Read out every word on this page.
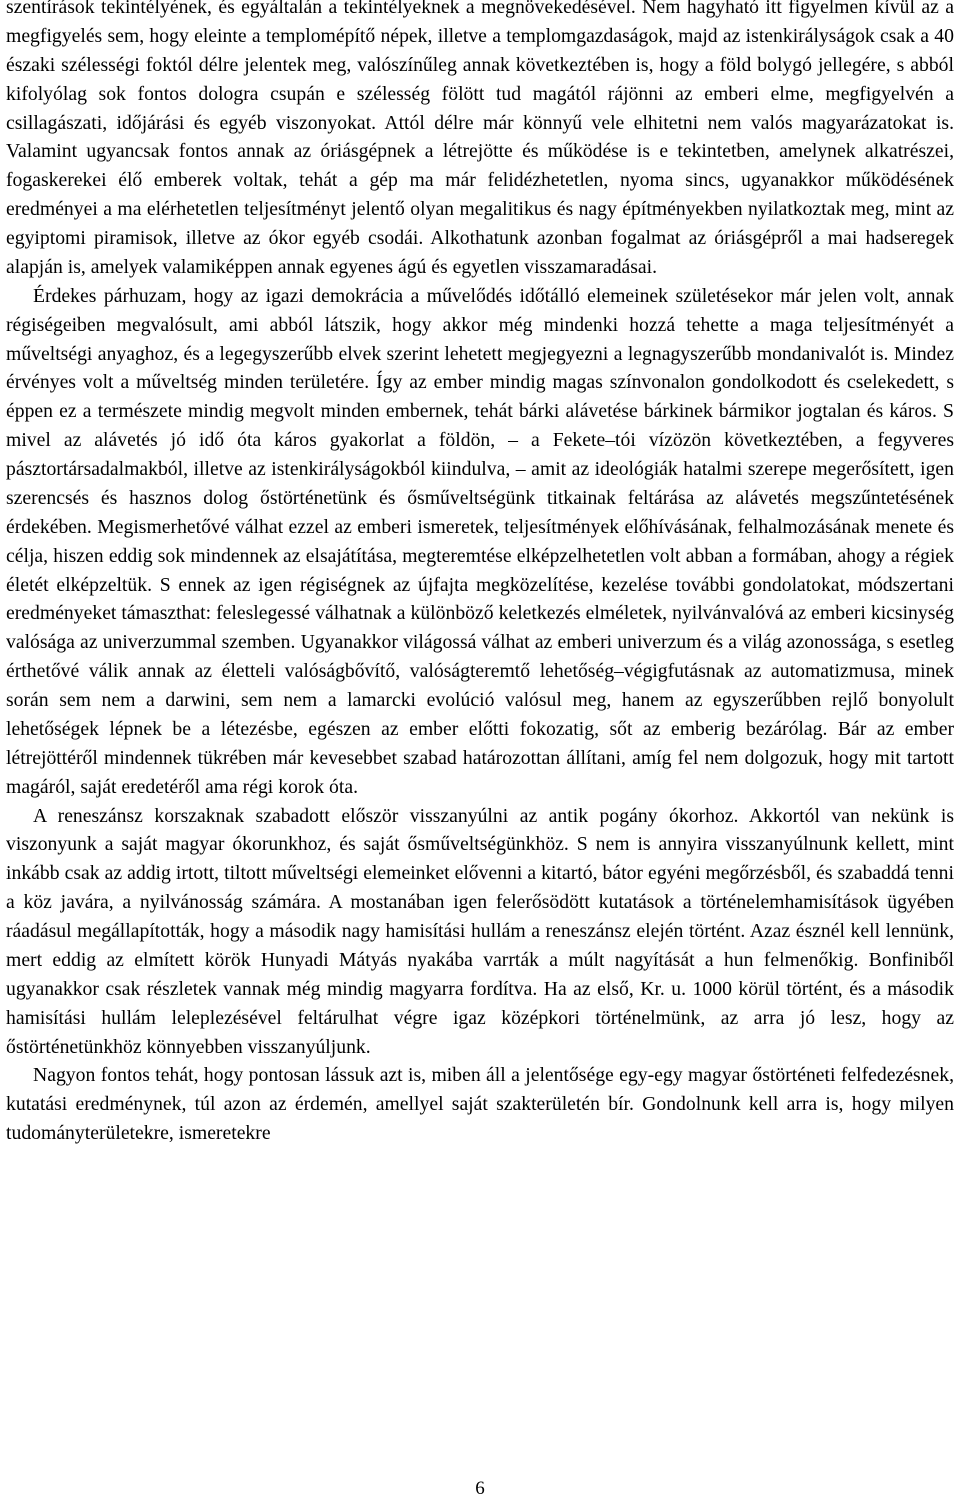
szentírások tekintélyének, és egyáltalán a tekintélyeknek a megnövekedésével. Nem hagyható itt figyelmen kívül az a megfigyelés sem, hogy eleinte a templomépítő népek, illetve a templomgazdaságok, majd az istenkirályságok csak a 40 északi szélességi foktól délre jelentek meg, valószínűleg annak következtében is, hogy a föld bolygó jellegére, s abból kifolyólag sok fontos dologra csupán e szélesség fölött tud magától rájönni az emberi elme, megfigyelvén a csillagászati, időjárási és egyéb viszonyokat. Attól délre már könnyű vele elhitetni nem valós magyarázatokat is. Valamint ugyancsak fontos annak az óriásgépnek a létrejötte és működése is e tekintetben, amelynek alkatrészei, fogaskerekei élő emberek voltak, tehát a gép ma már felidézhetetlen, nyoma sincs, ugyanakkor működésének eredményei a ma elérhetetlen teljesítményt jelentő olyan megalitikus és nagy építményekben nyilatkoztak meg, mint az egyiptomi piramisok, illetve az ókor egyéb csodái. Alkothatunk azonban fogalmat az óriásgépről a mai hadseregek alapján is, amelyek valamiképpen annak egyenes ágú és egyetlen visszamaradásai.

Érdekes párhuzam, hogy az igazi demokrácia a művelődés időtálló elemeinek születésekor már jelen volt, annak régiségeiben megvalósult, ami abból látszik, hogy akkor még mindenki hozzá tehette a maga teljesítményét a műveltségi anyaghoz, és a legegyszerűbb elvek szerint lehetett megjegyezni a legnagyszerűbb mondanivalót is. Mindez érvényes volt a műveltség minden területére. Így az ember mindig magas színvonalon gondolkodott és cselekedett, s éppen ez a természete mindig megvolt minden embernek, tehát bárki alávetése bárkinek bármikor jogtalan és káros. S mivel az alávetés jó idő óta káros gyakorlat a földön, – a Fekete–tói vízözön következtében, a fegyveres pásztortársadalmakból, illetve az istenkirályságokból kiindulva, – amit az ideológiák hatalmi szerepe megerősített, igen szerencsés és hasznos dolog őstörténetünk és ősműveltségünk titkainak feltárása az alávetés megszűntetésének érdekében. Megismerhetővé válhat ezzel az emberi ismeretek, teljesítmények előhívásának, felhalmozásának menete és célja, hiszen eddig sok mindennek az elsajátítása, megteremtése elképzelhetetlen volt abban a formában, ahogy a régiek életét elképzeltük. S ennek az igen régiségnek az újfajta megközelítése, kezelése további gondolatokat, módszertani eredményeket támaszthat: feleslegessé válhatnak a különböző keletkezés elméletek, nyilvánvalóvá az emberi kicsinység valósága az univerzummal szemben. Ugyanakkor világossá válhat az emberi univerzum és a világ azonossága, s esetleg érthetővé válik annak az életteli valóságbővítő, valóságteremtő lehetőség–végigfutásnak az automatizmusa, minek során sem nem a darwini, sem nem a lamarcki evolúció valósul meg, hanem az egyszerűbben rejlő bonyolult lehetőségek lépnek be a létezésbe, egészen az ember előtti fokozatig, sőt az emberig bezárólag. Bár az ember létrejöttéről mindennek tükrében már kevesebbet szabad határozottan állítani, amíg fel nem dolgozuk, hogy mit tartott magáról, saját eredetéről ama régi korok óta.

A reneszánsz korszaknak szabadott először visszanyúlni az antik pogány ókorhoz. Akkortól van nekünk is viszonyunk a saját magyar ókorunkhoz, és saját ősműveltségünkhöz. S nem is annyira visszanyúlnunk kellett, mint inkább csak az addig irtott, tiltott műveltségi elemeinket elővenni a kitartó, bátor egyéni megőrzésből, és szabaddá tenni a köz javára, a nyilvánosság számára. A mostanában igen felerősödött kutatások a történelemhamisítások ügyében ráadásul megállapították, hogy a második nagy hamisítási hullám a reneszánsz elején történt. Azaz észnél kell lennünk, mert eddig az elmített körök Hunyadi Mátyás nyakába varrták a múlt nagyítását a hun felmenőkig. Bonfiniből ugyanakkor csak részletek vannak még mindig magyarra fordítva. Ha az első, Kr. u. 1000 körül történt, és a második hamisítási hullám leleplezésével feltárulhat végre igaz középkori történelmünk, az arra jó lesz, hogy az őstörténetünkhöz könnyebben visszanyúljunk.

Nagyon fontos tehát, hogy pontosan lássuk azt is, miben áll a jelentősége egy-egy magyar őstörténeti felfedezésnek, kutatási eredménynek, túl azon az érdemén, amellyel saját szakterületén bír. Gondolnunk kell arra is, hogy milyen tudományterületekre, ismeretekre

6
